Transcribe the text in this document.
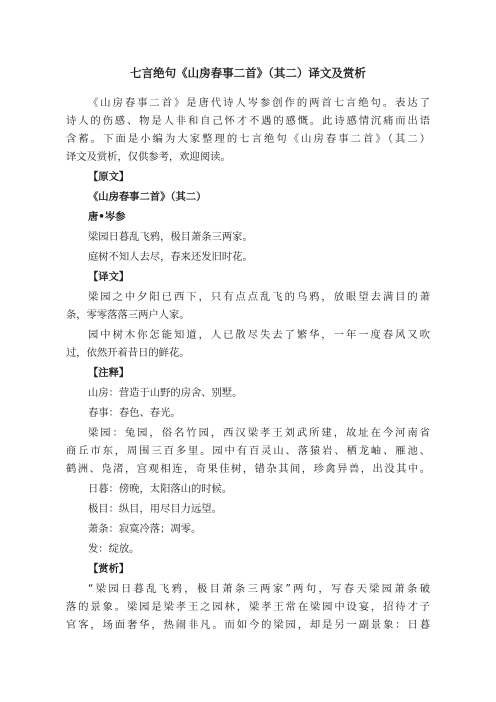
七言绝句《山房春事二首》（其二）译文及赏析
《山房春事二首》是唐代诗人岑参创作的两首七言绝句。表达了
诗人的伤感、物是人非和自己怀才不遇的感慨。此诗感情沉痛而出语
含蓄。下面是小编为大家整理的七言绝句《山房春事二首》（其二）
译文及赏析，仅供参考，欢迎阅读。
【原文】
《山房春事二首》（其二）
唐•岑参
梁园日暮乱飞鸦，极目萧条三两家。
庭树不知人去尽，春来还发旧时花。
【译文】
梁园之中夕阳已西下，只有点点乱飞的乌鸦，放眼望去满目的萧
条，零零落落三两户人家。
园中树木你怎能知道，人已散尽失去了繁华，一年一度春风又吹
过，依然开着昔日的鲜花。
【注释】
山房：营造于山野的房舍、别墅。
春事：春色、春光。
梁园：兔园，俗名竹园，西汉梁孝王刘武所建，故址在今河南省
商丘市东，周围三百多里。园中有百灵山、落猿岩、栖龙岫、雁池、
鹤洲、凫渚，宫观相连，奇果佳树，错杂其间，珍禽异兽，出没其中。
日暮：傍晚，太阳落山的时候。
极目：纵目，用尽目力远望。
萧条：寂寞冷落；凋零。
发：绽放。
【赏析】
“梁园日暮乱飞鸦，极目萧条三两家”两句，写春天梁园萧条破
落的景象。梁园是梁孝王之园林，梁孝王常在梁园中设宴，招待才子
官客，场面奢华，热闹非凡。而如今的梁园，却是另一副景象：日暮
